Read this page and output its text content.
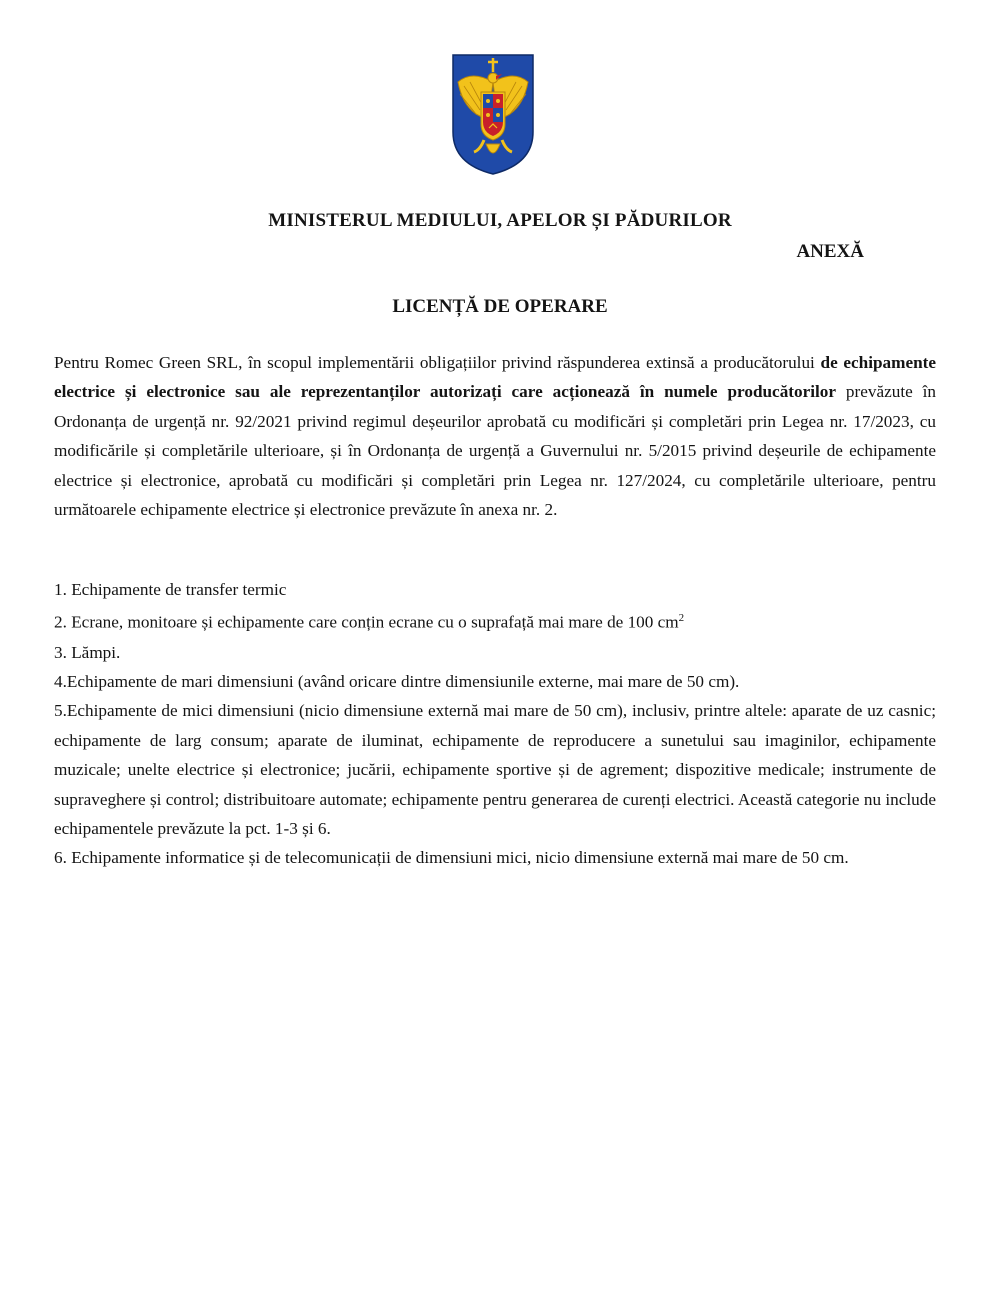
MINISTERUL MEDIULUI, APELOR ȘI PĂDURILOR
ANEXĂ
LICENȚĂ DE OPERARE

Pentru Romec Green SRL, în scopul implementării obligațiilor privind răspunderea extinsă a producătorului de echipamente electrice și electronice sau ale reprezentanților autorizați care acționează în numele producătorilor prevăzute în Ordonanța de urgență nr. 92/2021 privind regimul deșeurilor aprobată cu modificări și completări prin Legea nr. 17/2023, cu modificările și completările ulterioare, și în Ordonanța de urgență a Guvernului nr. 5/2015 privind deșeurile de echipamente electrice și electronice, aprobată cu modificări și completări prin Legea nr. 127/2024, cu completările ulterioare, pentru următoarele echipamente electrice și electronice prevăzute în anexa nr. 2.

1. Echipamente de transfer termic
2. Ecrane, monitoare și echipamente care conțin ecrane cu o suprafață mai mare de 100 $cm^2$
3. Lămpi.
4.Echipamente de mari dimensiuni (având oricare dintre dimensiunile externe, mai mare de 50 cm).
5.Echipamente de mici dimensiuni (nicio dimensiune externă mai mare de 50 cm), inclusiv, printre altele: aparate de uz casnic; echipamente de larg consum; aparate de iluminat, echipamente de reproducere a sunetului sau imaginilor, echipamente muzicale; unelte electrice și electronice; jucării, echipamente sportive și de agrement; dispozitive medicale; instrumente de supraveghere și control; distribuitoare automate; echipamente pentru generarea de curenți electrici. Această categorie nu include echipamentele prevăzute la pct. 1-3 și 6.
6. Echipamente informatice și de telecomunicații de dimensiuni mici, nicio dimensiune externă mai mare de 50 cm.
